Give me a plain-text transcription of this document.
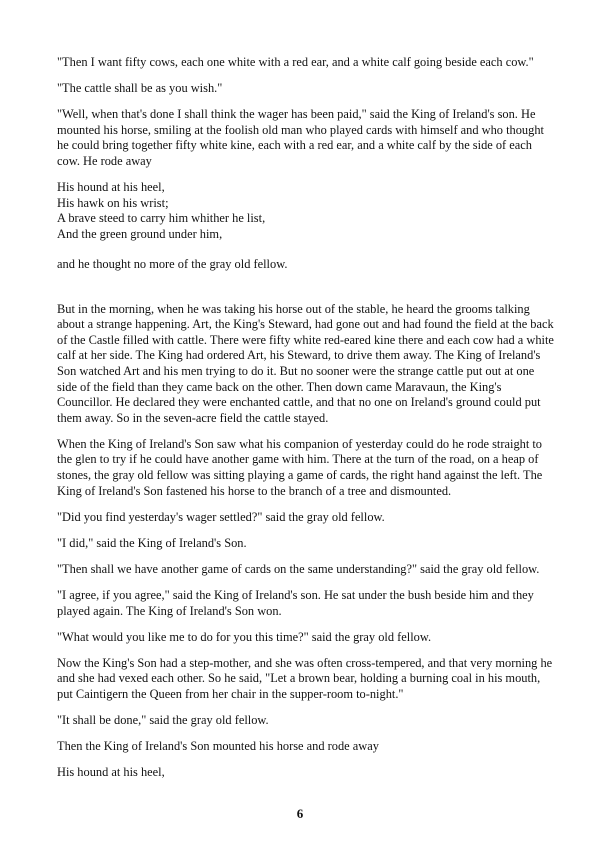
"Then I want fifty cows, each one white with a red ear, and a white calf going beside each cow."

"The cattle shall be as you wish."

"Well, when that's done I shall think the wager has been paid," said the King of Ireland's son. He mounted his horse, smiling at the foolish old man who played cards with himself and who thought he could bring together fifty white kine, each with a red ear, and a white calf by the side of each cow. He rode away

His hound at his heel,
His hawk on his wrist;
A brave steed to carry him whither he list,
And the green ground under him,

and he thought no more of the gray old fellow.

But in the morning, when he was taking his horse out of the stable, he heard the grooms talking about a strange happening. Art, the King's Steward, had gone out and had found the field at the back of the Castle filled with cattle. There were fifty white red-eared kine there and each cow had a white calf at her side. The King had ordered Art, his Steward, to drive them away. The King of Ireland's Son watched Art and his men trying to do it. But no sooner were the strange cattle put out at one side of the field than they came back on the other. Then down came Maravaun, the King's Councillor. He declared they were enchanted cattle, and that no one on Ireland's ground could put them away. So in the seven-acre field the cattle stayed.

When the King of Ireland's Son saw what his companion of yesterday could do he rode straight to the glen to try if he could have another game with him. There at the turn of the road, on a heap of stones, the gray old fellow was sitting playing a game of cards, the right hand against the left. The King of Ireland's Son fastened his horse to the branch of a tree and dismounted.

"Did you find yesterday's wager settled?" said the gray old fellow.

"I did," said the King of Ireland's Son.

"Then shall we have another game of cards on the same understanding?" said the gray old fellow.

"I agree, if you agree," said the King of Ireland's son. He sat under the bush beside him and they played again. The King of Ireland's Son won.

"What would you like me to do for you this time?" said the gray old fellow.

Now the King's Son had a step-mother, and she was often cross-tempered, and that very morning he and she had vexed each other. So he said, "Let a brown bear, holding a burning coal in his mouth, put Caintigern the Queen from her chair in the supper-room to-night."

"It shall be done," said the gray old fellow.

Then the King of Ireland's Son mounted his horse and rode away

His hound at his heel,

6
